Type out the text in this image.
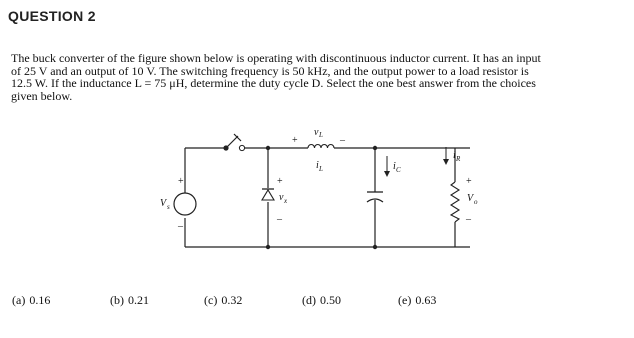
QUESTION 2

The buck converter of the figure shown below is operating with discontinuous inductor current. It has an input

of 25 V and an output of 10 V. The switching frequency is 50 kHz, and the output power to a load resistor is

12.5 W. If the inductance L = 75 μH, determine the duty cycle D. Select the one best answer from the choices

given below.

+
–
V s
+	–
v L
i L
+
–
v x
i C
i R
+
–
V o
(a) 0.16	(b) 0.21	(c) 0.32	(d) 0.50	(e) 0.63
